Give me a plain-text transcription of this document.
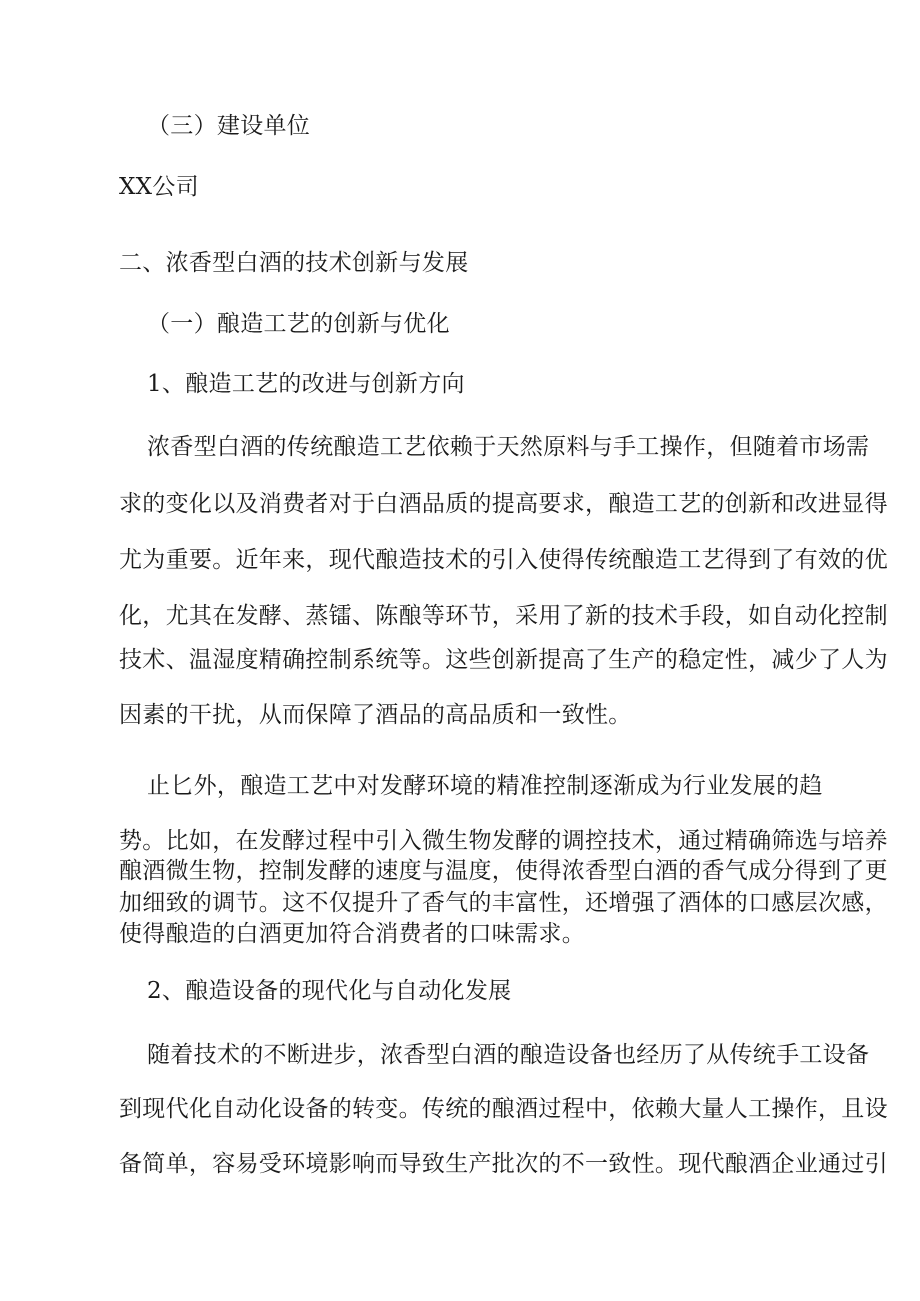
（三）建设单位

XX公司

二、浓香型白酒的技术创新与发展

（一）酿造工艺的创新与优化

1、酿造工艺的改进与创新方向

浓香型白酒的传统酿造工艺依赖于天然原料与手工操作，但随着市场需

求的变化以及消费者对于白酒品质的提高要求，酿造工艺的创新和改进显得

尤为重要。近年来，现代酿造技术的引入使得传统酿造工艺得到了有效的优

化，尤其在发酵、蒸镭、陈酿等环节，采用了新的技术手段，如自动化控制

技术、温湿度精确控制系统等。这些创新提高了生产的稳定性，减少了人为

因素的干扰，从而保障了酒品的高品质和一致性。

止匕外，酿造工艺中对发酵环境的精准控制逐渐成为行业发展的趋

势。比如，在发酵过程中引入微生物发酵的调控技术，通过精确筛选与培养

酿酒微生物，控制发酵的速度与温度，使得浓香型白酒的香气成分得到了更

加细致的调节。这不仅提升了香气的丰富性，还增强了酒体的口感层次感，

使得酿造的白酒更加符合消费者的口味需求。

2、酿造设备的现代化与自动化发展

随着技术的不断进步，浓香型白酒的酿造设备也经历了从传统手工设备

到现代化自动化设备的转变。传统的酿酒过程中，依赖大量人工操作，且设

备简单，容易受环境影响而导致生产批次的不一致性。现代酿酒企业通过引
